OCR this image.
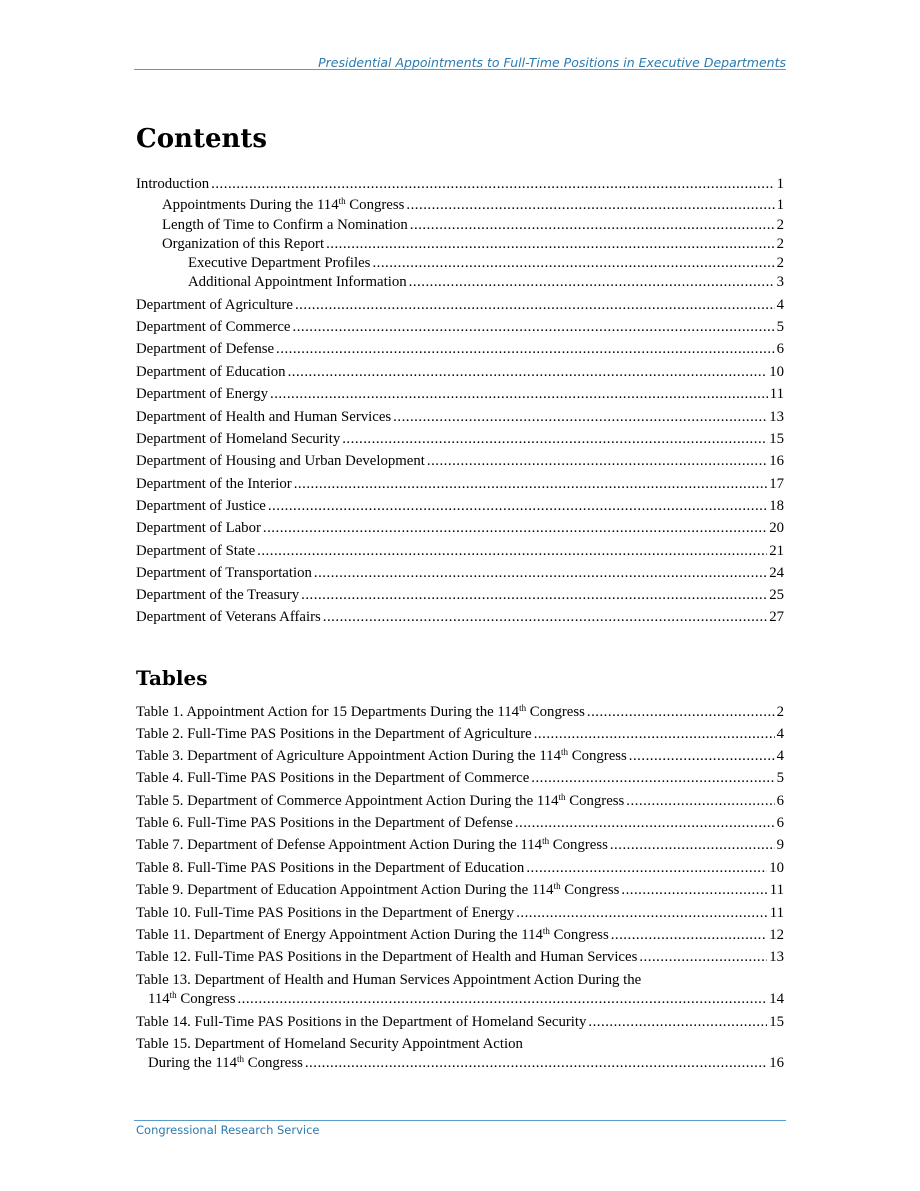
Presidential Appointments to Full-Time Positions in Executive Departments
Contents
Introduction .....	1
Appointments During the 114th Congress .....	1
Length of Time to Confirm a Nomination .....	2
Organization of this Report .....	2
Executive Department Profiles .....	2
Additional Appointment Information .....	3
Department of Agriculture .....	4
Department of Commerce .....	5
Department of Defense .....	6
Department of Education .....	10
Department of Energy .....	11
Department of Health and Human Services .....	13
Department of Homeland Security .....	15
Department of Housing and Urban Development .....	16
Department of the Interior .....	17
Department of Justice .....	18
Department of Labor .....	20
Department of State .....	21
Department of Transportation .....	24
Department of the Treasury .....	25
Department of Veterans Affairs .....	27
Tables
Table 1. Appointment Action for 15 Departments During the 114th Congress .....	2
Table 2. Full-Time PAS Positions in the Department of Agriculture .....	4
Table 3. Department of Agriculture Appointment Action During the 114th Congress .....	4
Table 4. Full-Time PAS Positions in the Department of Commerce .....	5
Table 5. Department of Commerce Appointment Action During the 114th Congress .....	6
Table 6. Full-Time PAS Positions in the Department of Defense .....	6
Table 7. Department of Defense Appointment Action During the 114th Congress .....	9
Table 8. Full-Time PAS Positions in the Department of Education .....	10
Table 9. Department of Education Appointment Action During the 114th Congress .....	11
Table 10. Full-Time PAS Positions in the Department of Energy .....	11
Table 11. Department of Energy Appointment Action During the 114th Congress .....	12
Table 12. Full-Time PAS Positions in the Department of Health and Human Services .....	13
Table 13. Department of Health and Human Services Appointment Action During the
114th Congress .....	14
Table 14. Full-Time PAS Positions in the Department of Homeland Security .....	15
Table 15. Department of Homeland Security Appointment Action
During the 114th Congress .....	16
Congressional Research Service
